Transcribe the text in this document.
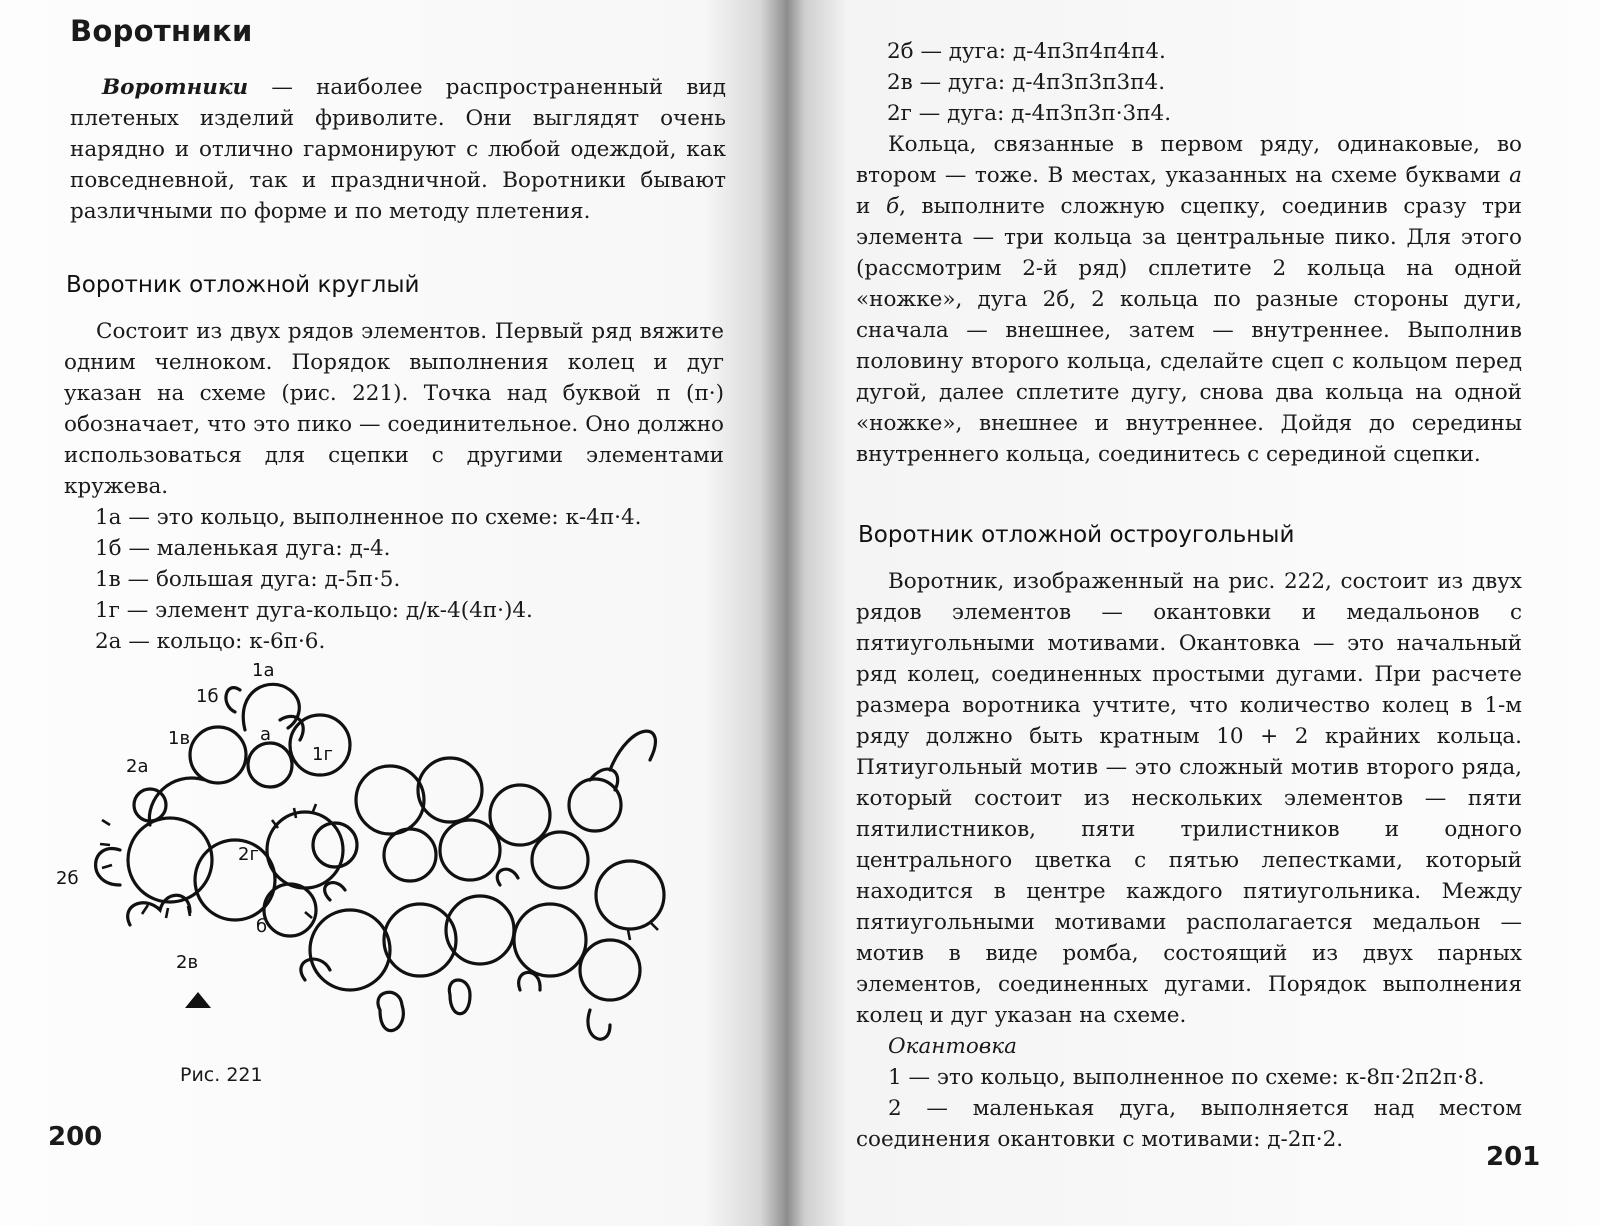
Воротники

Воротники — наиболее распространенный вид плетеных изделий фриволите. Они выглядят очень нарядно и отлично гармонируют с любой одеждой, как повседневной, так и праздничной. Воротники бывают различными по форме и по методу плетения.

Воротник отложной круглый

Состоит из двух рядов элементов. Первый ряд вяжите одним челноком. Порядок выполнения колец и дуг указан на схеме (рис. 221). Точка над буквой п (п·) обозначает, что это пико — соединительное. Оно должно использоваться для сцепки с другими элементами кружева.

1а — это кольцо, выполненное по схеме: к-4п·4.

1б — маленькая дуга: д-4.

1в — большая дуга: д-5п·5.

1г — элемент дуга-кольцо: д/к-4(4п·)4.

2а — кольцо: к-6п·6.

1а
1б
1в
1г
2а
2б
2в
2г
а
б
Рис. 221
200

2б — дуга: д-4п3п4п4п4.

2в — дуга: д-4п3п3п3п4.

2г — дуга: д-4п3п3п·3п4.

Кольца, связанные в первом ряду, одинаковые, во втором — тоже. В местах, указанных на схеме буквами а и б, выполните сложную сцепку, соединив сразу три элемента — три кольца за центральные пико. Для этого (рассмотрим 2-й ряд) сплетите 2 кольца на одной «ножке», дуга 2б, 2 кольца по разные стороны дуги, сначала — внешнее, затем — внутреннее. Выполнив половину второго кольца, сделайте сцеп с кольцом перед дугой, далее сплетите дугу, снова два кольца на одной «ножке», внешнее и внутреннее. Дойдя до середины внутреннего кольца, соединитесь с серединой сцепки.

Воротник отложной остроугольный

Воротник, изображенный на рис. 222, состоит из двух рядов элементов — окантовки и медальонов с пятиугольными мотивами. Окантовка — это начальный ряд колец, соединенных простыми дугами. При расчете размера воротника учтите, что количество колец в 1-м ряду должно быть кратным 10 + 2 крайних кольца. Пятиугольный мотив — это сложный мотив второго ряда, который состоит из нескольких элементов — пяти пятилистников, пяти трилистников и одного центрального цветка с пятью лепестками, который находится в центре каждого пятиугольника. Между пятиугольными мотивами располагается медальон — мотив в виде ромба, состоящий из двух парных элементов, соединенных дугами. Порядок выполнения колец и дуг указан на схеме.

Окантовка

1 — это кольцо, выполненное по схеме: к-8п·2п2п·8.

2 — маленькая дуга, выполняется над местом соединения окантовки с мотивами: д-2п·2.

201
